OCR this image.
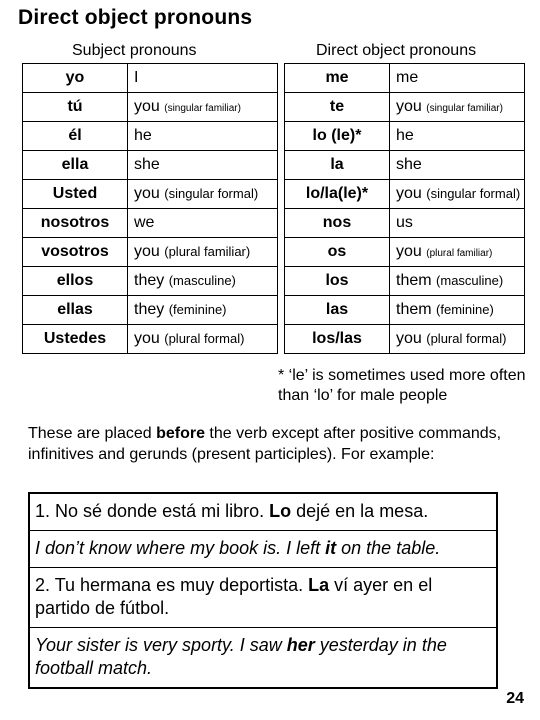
Direct object pronouns
Subject pronouns	Direct object pronouns
yo	I
tú	you (singular familiar)
él	he
ella	she
Usted	you (singular formal)
nosotros	we
vosotros	you (plural familiar)
ellos	they (masculine)
ellas	they (feminine)
Ustedes	you (plural formal)
me	me
te	you (singular familiar)
lo (le)*	he
la	she
lo/la(le)*	you (singular formal)
nos	us
os	you (plural familiar)
los	them (masculine)
las	them (feminine)
los/las	you (plural formal)
* ‘le’ is sometimes used more often than ‘lo’ for male people
These are placed before the verb except after positive commands, infinitives and gerunds (present participles). For example:
1. No sé donde está mi libro. Lo dejé en la mesa.
I don’t know where my book is. I left it on the table.
2. Tu hermana es muy deportista. La ví ayer en el partido de fútbol.
Your sister is very sporty. I saw her yesterday in the football match.
24
